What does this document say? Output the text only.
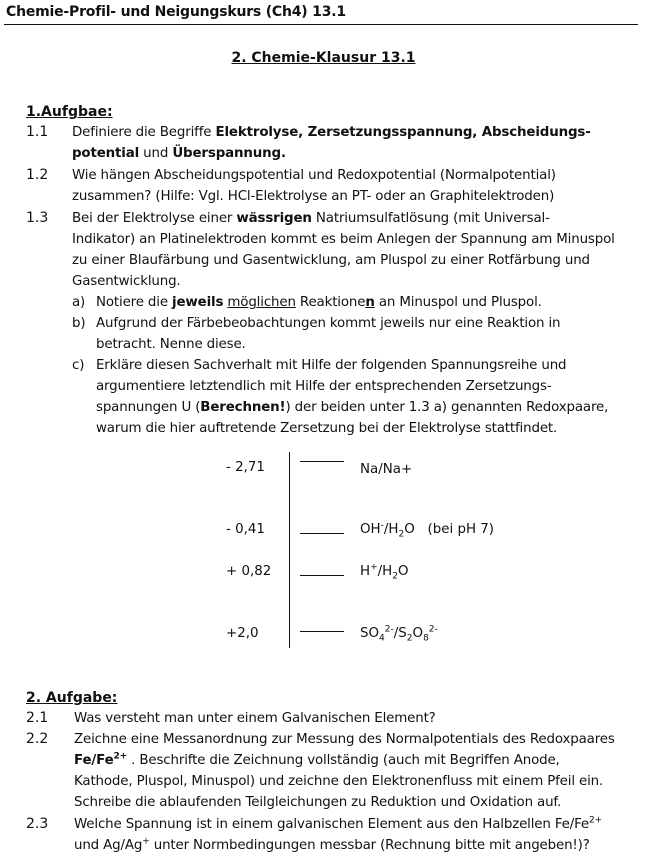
Chemie-Profil- und Neigungskurs (Ch4) 13.1
2. Chemie-Klausur 13.1
1.Aufgbae:
1.1 Definiere die Begriffe Elektrolyse, Zersetzungsspannung, Abscheidungs-
potential und Überspannung.
1.2 Wie hängen Abscheidungspotential und Redoxpotential (Normalpotential)
zusammen? (Hilfe: Vgl. HCl-Elektrolyse an PT- oder an Graphitelektroden)
1.3 Bei der Elektrolyse einer wässrigen Natriumsulfatlösung (mit Universal-
Indikator) an Platinelektroden kommt es beim Anlegen der Spannung am Minuspol
zu einer Blaufärbung und Gasentwicklung, am Pluspol zu einer Rotfärbung und
Gasentwicklung.
a) Notiere die jeweils möglichen Reaktionen an Minuspol und Pluspol.
b) Aufgrund der Färbebeobachtungen kommt jeweils nur eine Reaktion in
betracht. Nenne diese.
c) Erkläre diesen Sachverhalt mit Hilfe der folgenden Spannungsreihe und
argumentiere letztendlich mit Hilfe der entsprechenden Zersetzungs-
spannungen U (Berechnen!) der beiden unter 1.3 a) genannten Redoxpaare,
warum die hier auftretende Zersetzung bei der Elektrolyse stattfindet.
- 2,71	Na/Na+
- 0,41	$OH^-/H_2O$ (bei pH 7)
+ 0,82	$H^+/H_2O$
+2,0	$SO_4^{2-}/S_2O_8^{2-}$
2. Aufgabe:
2.1 Was versteht man unter einem Galvanischen Element?
2.2 Zeichne eine Messanordnung zur Messung des Normalpotentials des Redoxpaares
$Fe/Fe^{2+}$ . Beschrifte die Zeichnung vollständig (auch mit Begriffen Anode,
Kathode, Pluspol, Minuspol) und zeichne den Elektronenfluss mit einem Pfeil ein.
Schreibe die ablaufenden Teilgleichungen zu Reduktion und Oxidation auf.
2.3 Welche Spannung ist in einem galvanischen Element aus den Halbzellen $Fe/Fe^{2+}$
und Ag/Ag+ unter Normbedingungen messbar (Rechnung bitte mit angeben!)?
